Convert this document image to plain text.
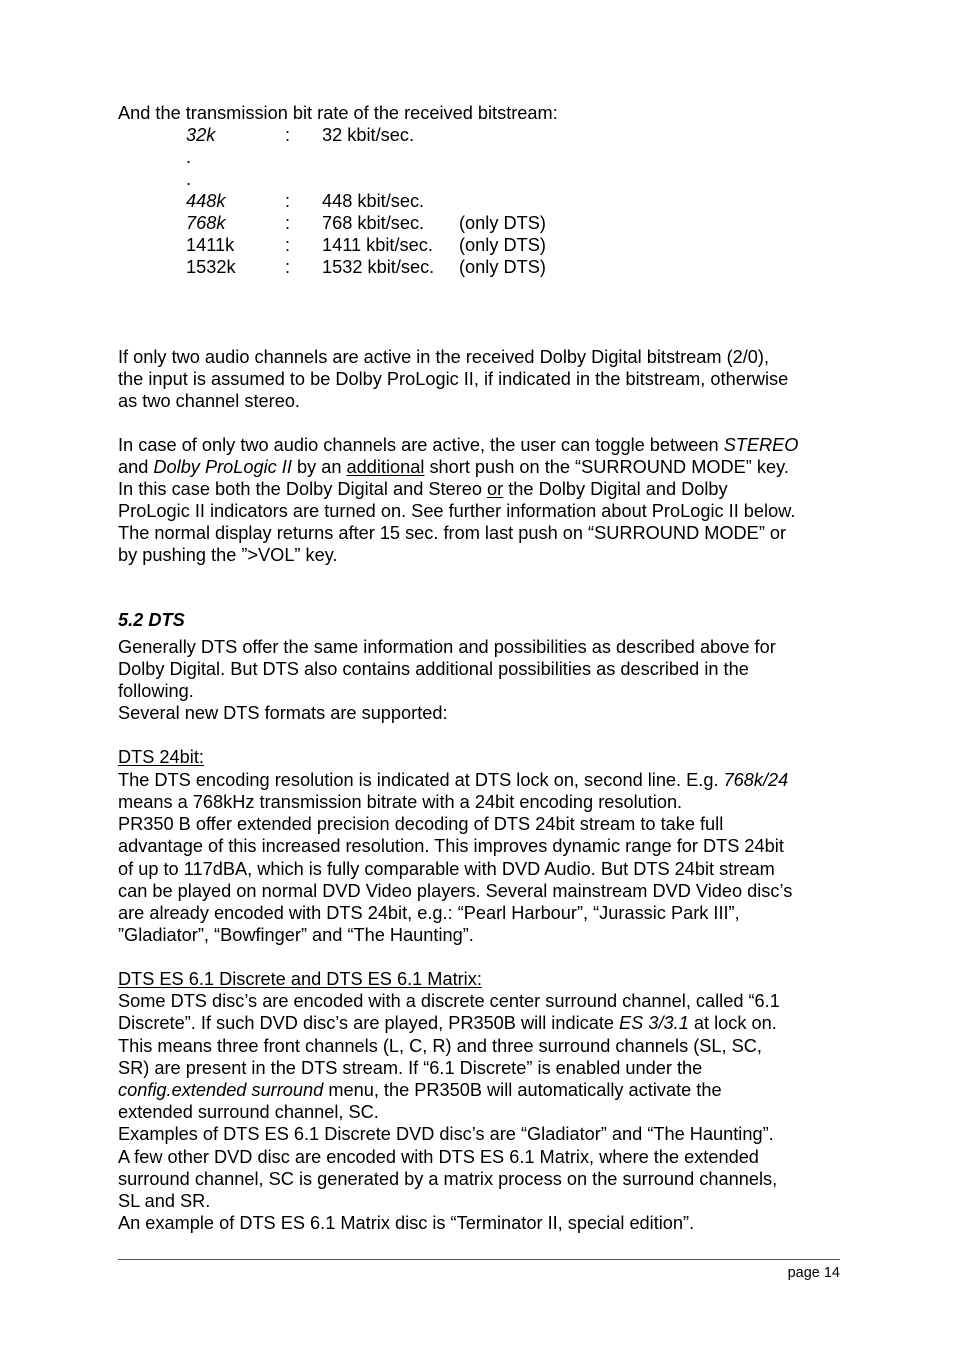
And the transmission bit rate of the received bitstream:
32k	: 32 kbit/sec.
.
.
448k	: 448 kbit/sec.
768k	: 768 kbit/sec. (only DTS)
1411k	: 1411 kbit/sec. (only DTS)
1532k	: 1532 kbit/sec. (only DTS)
If only two audio channels are active in the received Dolby Digital bitstream (2/0),
the input is assumed to be Dolby ProLogic II, if indicated in the bitstream, otherwise
as two channel stereo.
In case of only two audio channels are active, the user can toggle between STEREO
and Dolby ProLogic II by an additional short push on the “SURROUND MODE” key.
In this case both the Dolby Digital and Stereo or the Dolby Digital and Dolby
ProLogic II indicators are turned on. See further information about ProLogic II below.
The normal display returns after 15 sec. from last push on “SURROUND MODE” or
by pushing the ”>VOL” key.
5.2 DTS
Generally DTS offer the same information and possibilities as described above for
Dolby Digital. But DTS also contains additional possibilities as described in the
following.
Several new DTS formats are supported:
DTS 24bit:
The DTS encoding resolution is indicated at DTS lock on, second line. E.g. 768k/24
means a 768kHz transmission bitrate with a 24bit encoding resolution.
PR350 B offer extended precision decoding of DTS 24bit stream to take full
advantage of this increased resolution. This improves dynamic range for DTS 24bit
of up to 117dBA, which is fully comparable with DVD Audio. But DTS 24bit stream
can be played on normal DVD Video players. Several mainstream DVD Video disc’s
are already encoded with DTS 24bit, e.g.: “Pearl Harbour”, “Jurassic Park III”,
”Gladiator”, “Bowfinger” and “The Haunting”.
DTS ES 6.1 Discrete and DTS ES 6.1 Matrix:
Some DTS disc’s are encoded with a discrete center surround channel, called “6.1
Discrete”. If such DVD disc’s are played, PR350B will indicate ES 3/3.1 at lock on.
This means three front channels (L, C, R) and three surround channels (SL, SC,
SR) are present in the DTS stream. If “6.1 Discrete” is enabled under the
config.extended surround menu, the PR350B will automatically activate the
extended surround channel, SC.
Examples of DTS ES 6.1 Discrete DVD disc’s are “Gladiator” and “The Haunting”.
A few other DVD disc are encoded with DTS ES 6.1 Matrix, where the extended
surround channel, SC is generated by a matrix process on the surround channels,
SL and SR.
An example of DTS ES 6.1 Matrix disc is “Terminator II, special edition”.
page 14
